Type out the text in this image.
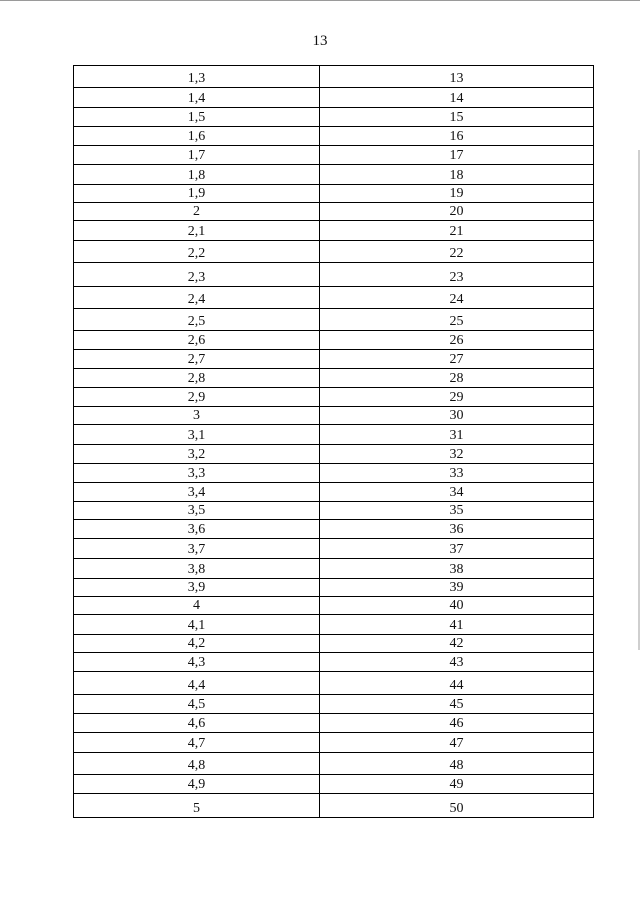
13
1,3	13
1,4	14
1,5	15
1,6	16
1,7	17
1,8	18
1,9	19
2	20
2,1	21
2,2	22
2,3	23
2,4	24
2,5	25
2,6	26
2,7	27
2,8	28
2,9	29
3	30
3,1	31
3,2	32
3,3	33
3,4	34
3,5	35
3,6	36
3,7	37
3,8	38
3,9	39
4	40
4,1	41
4,2	42
4,3	43
4,4	44
4,5	45
4,6	46
4,7	47
4,8	48
4,9	49
5	50
